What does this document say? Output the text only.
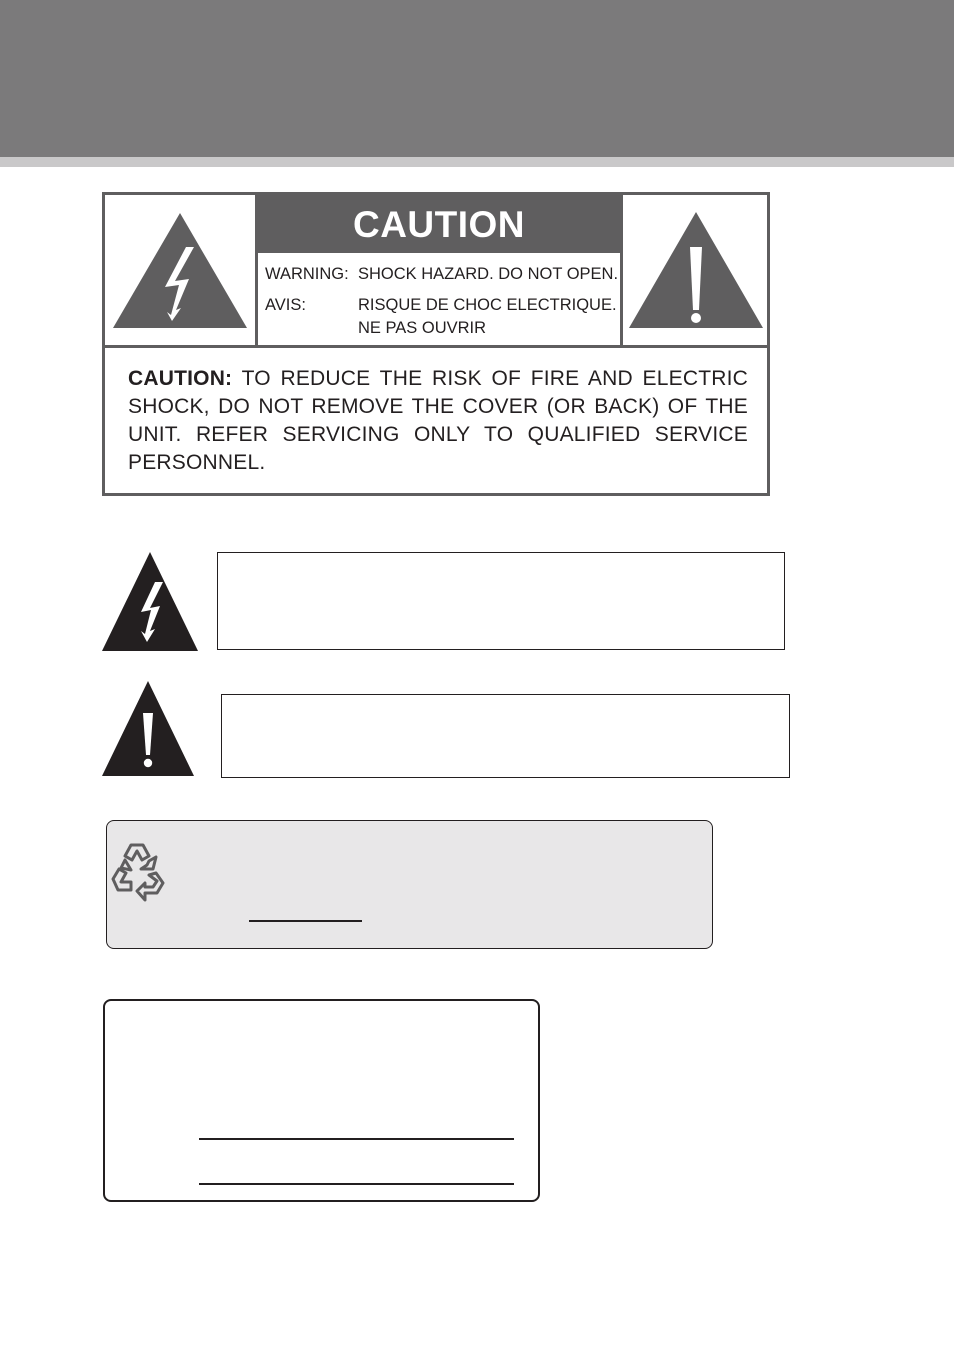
CAUTION
WARNING: SHOCK HAZARD. DO NOT OPEN.
AVIS:	RISQUE DE CHOC ELECTRIQUE.
NE PAS OUVRIR
CAUTION: TO REDUCE THE RISK OF FIRE AND ELECTRIC SHOCK, DO NOT REMOVE THE COVER (OR BACK) OF THE UNIT. REFER SERVICING ONLY TO QUALIFIED SERVICE PERSONNEL.
